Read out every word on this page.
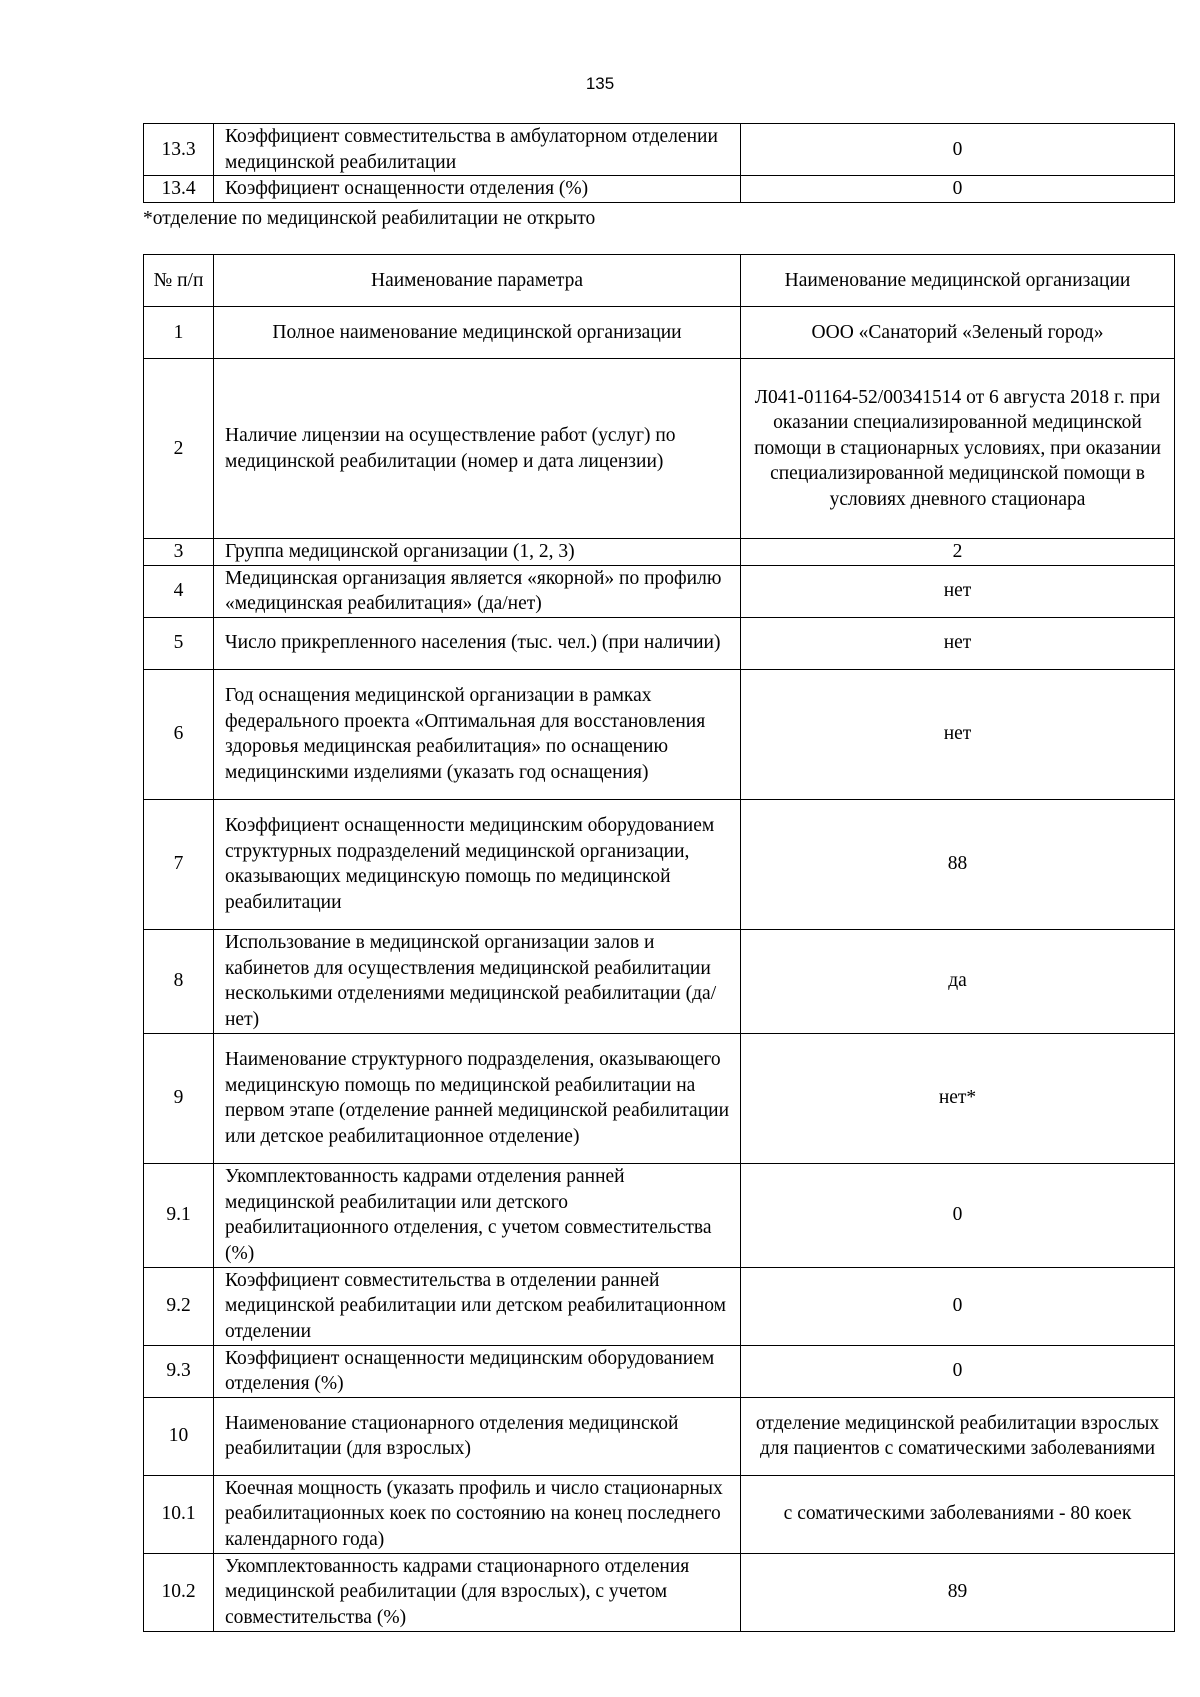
135
13.3	Коэффициент совместительства в амбулаторном отделении медицинской реабилитации	0
13.4	Коэффициент оснащенности отделения (%)	0
*отделение по медицинской реабилитации не открыто
№ п/п	Наименование параметра	Наименование медицинской организации
1	Полное наименование медицинской организации	ООО «Санаторий «Зеленый город»
2	Наличие лицензии на осуществление работ (услуг) по медицинской реабилитации (номер и дата лицензии)	Л041-01164-52/00341514 от 6 августа 2018 г. при оказании специализированной медицинской помощи в стационарных условиях, при оказании специализированной медицинской помощи в условиях дневного стационара
3	Группа медицинской организации (1, 2, 3)	2
4	Медицинская организация является «якорной» по профилю «медицинская реабилитация» (да/нет)	нет
5	Число прикрепленного населения (тыс. чел.) (при наличии)	нет
6	Год оснащения медицинской организации в рамках федерального проекта «Оптимальная для восстановления здоровья медицинская реабилитация» по оснащению медицинскими изделиями (указать год оснащения)	нет
7	Коэффициент оснащенности медицинским оборудованием структурных подразделений медицинской организации, оказывающих медицинскую помощь по медицинской реабилитации	88
8	Использование в медицинской организации залов и кабинетов для осуществления медицинской реабилитации несколькими отделениями медицинской реабилитации (да/нет)	да
9	Наименование структурного подразделения, оказывающего медицинскую помощь по медицинской реабилитации на первом этапе (отделение ранней медицинской реабилитации или детское реабилитационное отделение)	нет*
9.1	Укомплектованность кадрами отделения ранней медицинской реабилитации или детского реабилитационного отделения, с учетом совместительства (%)	0
9.2	Коэффициент совместительства в отделении ранней медицинской реабилитации или детском реабилитационном отделении	0
9.3	Коэффициент оснащенности медицинским оборудованием отделения (%)	0
10	Наименование стационарного отделения медицинской реабилитации (для взрослых)	отделение медицинской реабилитации взрослых для пациентов с соматическими заболеваниями
10.1	Коечная мощность (указать профиль и число стационарных реабилитационных коек по состоянию на конец последнего календарного года)	с соматическими заболеваниями - 80 коек
10.2	Укомплектованность кадрами стационарного отделения медицинской реабилитации (для взрослых), с учетом совместительства (%)	89
